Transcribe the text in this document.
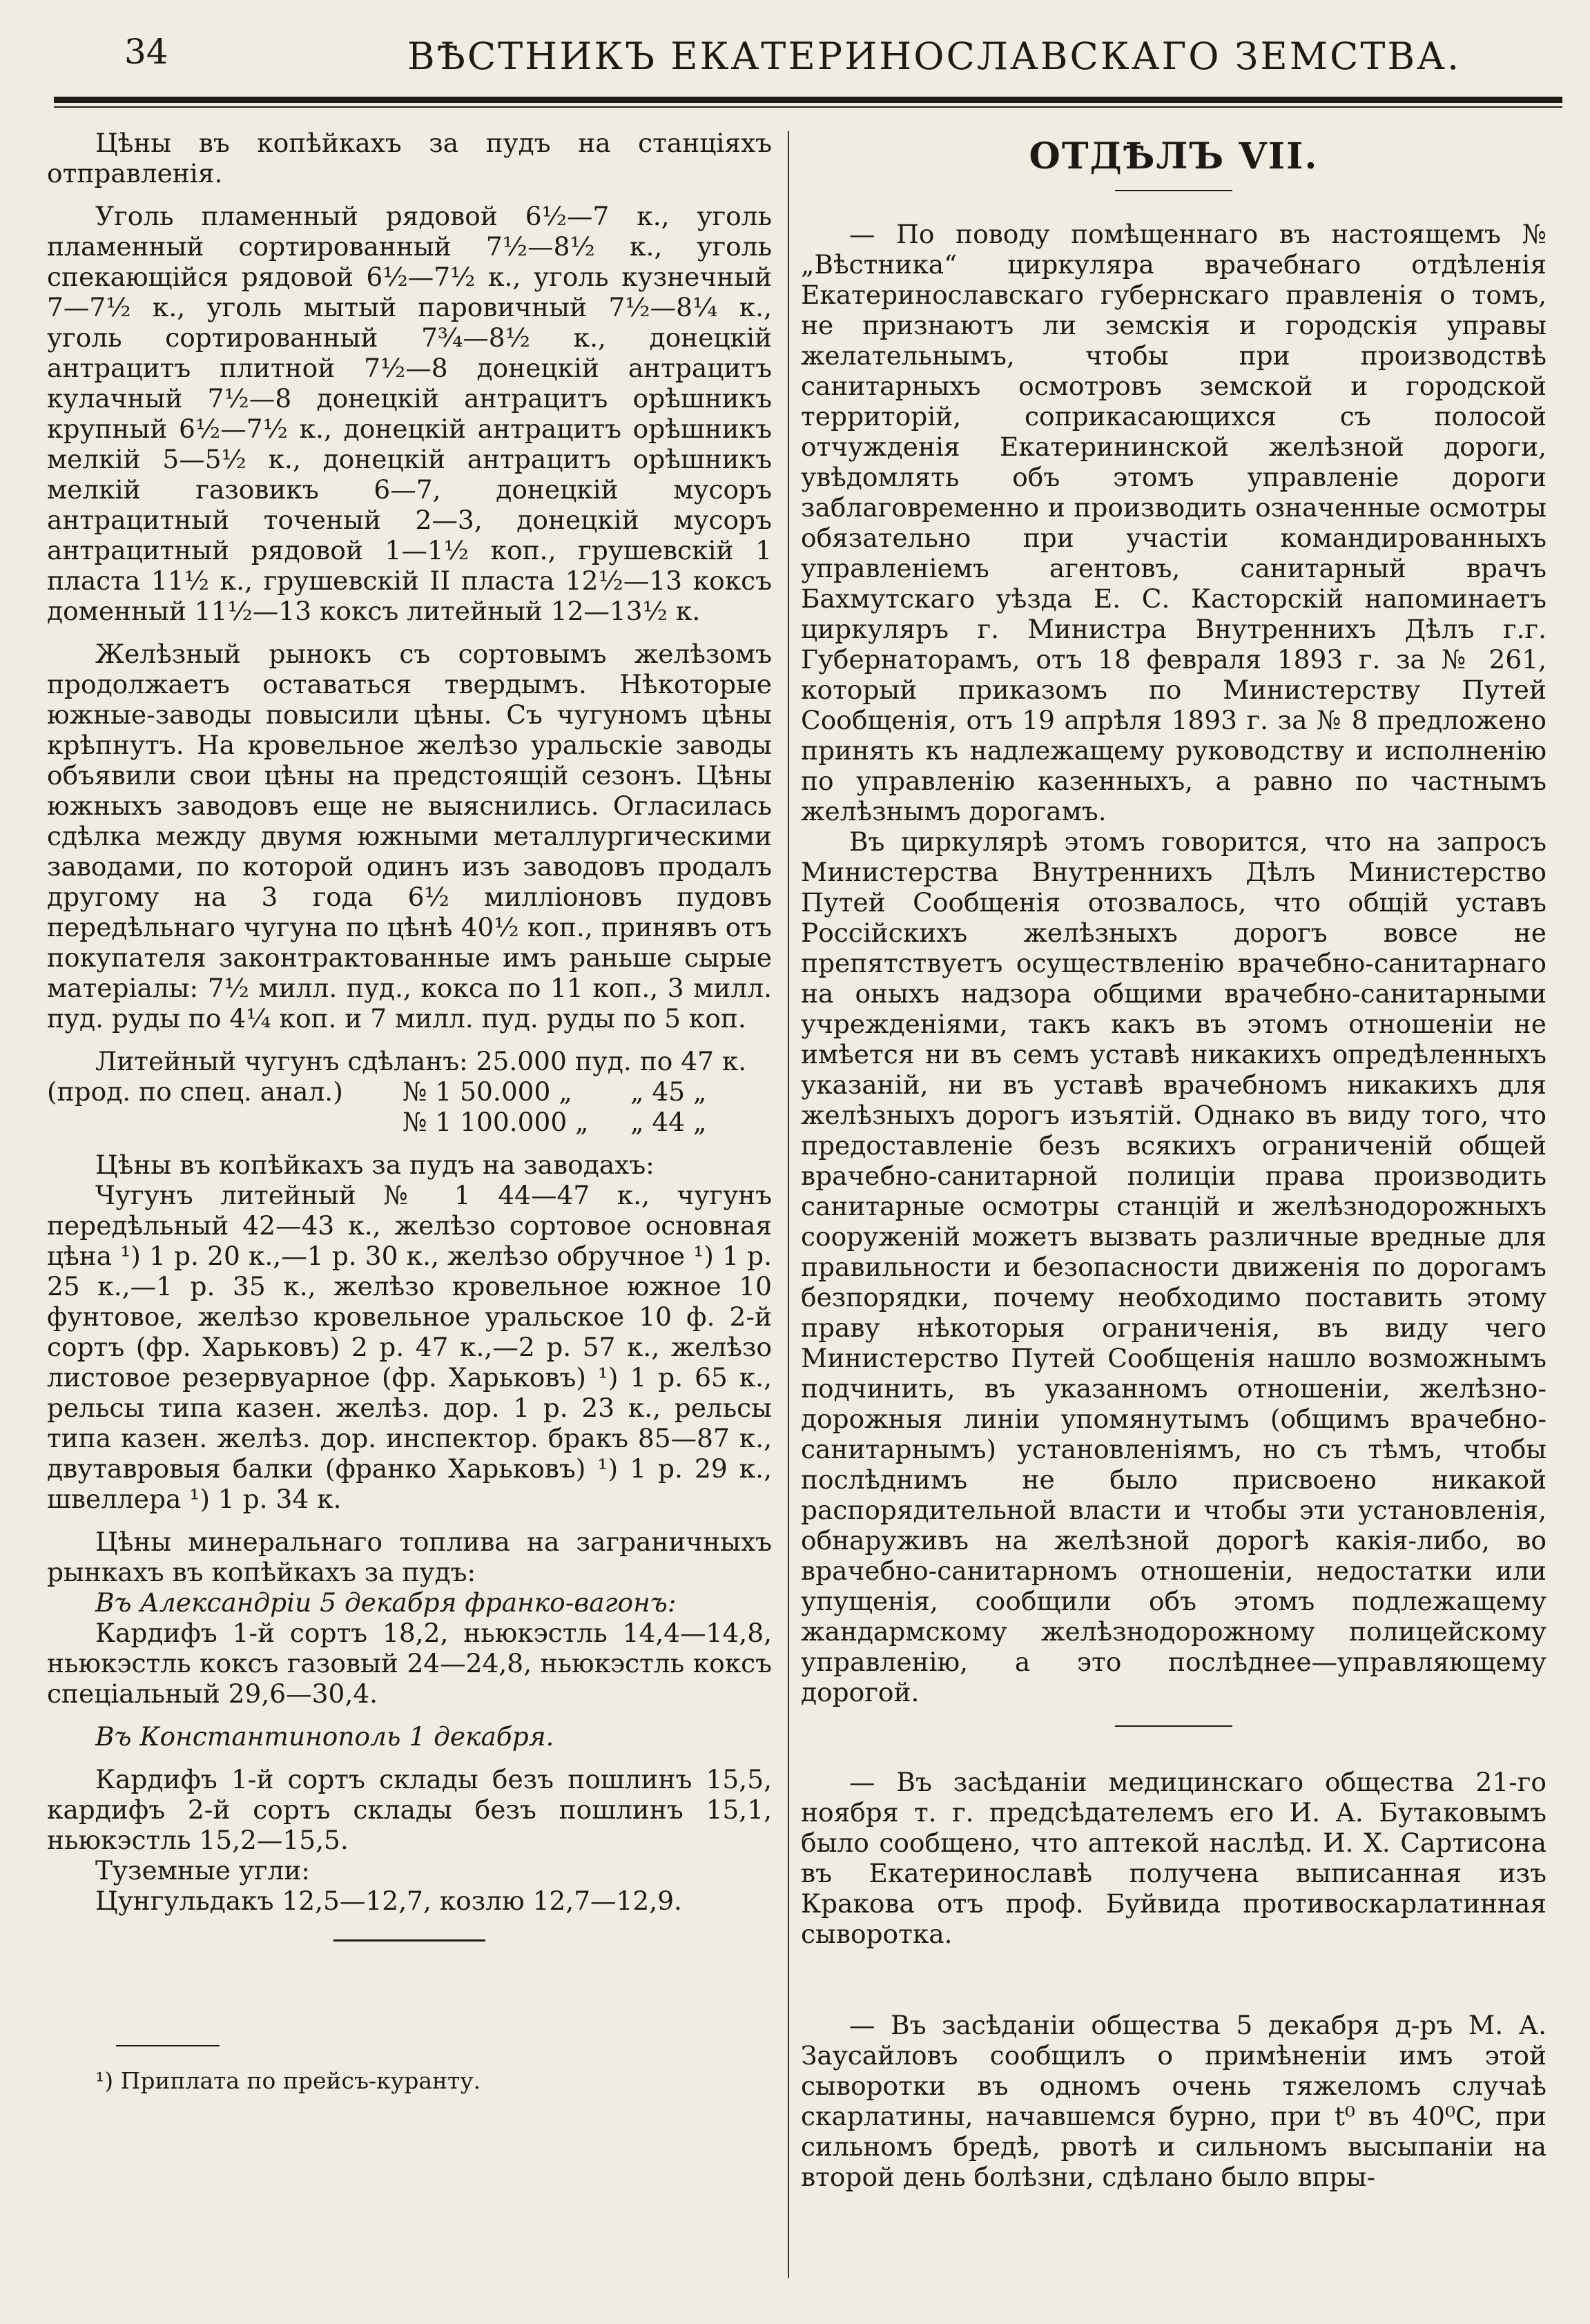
34	ВѢСТНИКЪ ЕКАТЕРИНОСЛАВСКАГО ЗЕМСТВА.

Цѣны въ копѣйкахъ за пудъ на станціяхъ отправленія.

Уголь пламенный рядовой 6½—7 к., уголь пламенный сортированный 7½—8½ к., уголь спекающійся рядовой 6½—7½ к., уголь кузнечный 7—7½ к., уголь мытый паровичный 7½—8¼ к., уголь сортированный 7¾—8½ к., донецкій антрацитъ плитной 7½—8 донецкій антрацитъ кулачный 7½—8 донецкій антрацитъ орѣшникъ крупный 6½—7½ к., донецкій антрацитъ орѣшникъ мелкій 5—5½ к., донецкій антрацитъ орѣшникъ мелкій газовикъ 6—7, донецкій мусоръ антрацитный точеный 2—3, донецкій мусоръ антрацитный рядовой 1—1½ коп., грушевскій 1 пласта 11½ к., грушевскій II пласта 12½—13 коксъ доменный 11½—13 коксъ литейный 12—13½ к.

Желѣзный рынокъ съ сортовымъ желѣзомъ продолжаетъ оставаться твердымъ. Нѣкоторые южные-заводы повысили цѣны. Съ чугуномъ цѣны крѣпнутъ. На кровельное желѣзо уральскіе заводы объявили свои цѣны на предстоящій сезонъ. Цѣны южныхъ заводовъ еще не выяснились. Огласилась сдѣлка между двумя южными металлургическими заводами, по которой одинъ изъ заводовъ продалъ другому на 3 года 6½ милліоновъ пудовъ передѣльнаго чугуна по цѣнѣ 40½ коп., принявъ отъ покупателя законтрактованные имъ раньше сырые матеріалы: 7½ милл. пуд., кокса по 11 коп., 3 милл. пуд. руды по 4¼ коп. и 7 милл. пуд. руды по 5 коп.

Литейный чугунъ сдѣланъ: 25.000 пуд. по 47 к.

(прод. по спец. анал.)	№ 1 50.000 „	„ 45 „
№ 1 100.000 „	„ 44 „

Цѣны въ копѣйкахъ за пудъ на заводахъ:

Чугунъ литейный № 1 44—47 к., чугунъ передѣльный 42—43 к., желѣзо сортовое основная цѣна ¹) 1 р. 20 к.,—1 р. 30 к., желѣзо обручное ¹) 1 р. 25 к.,—1 р. 35 к., желѣзо кровельное южное 10 фунтовое, желѣзо кровельное уральское 10 ф. 2-й сортъ (фр. Харьковъ) 2 р. 47 к.,—2 р. 57 к., желѣзо листовое резервуарное (фр. Харьковъ) ¹) 1 р. 65 к., рельсы типа казен. желѣз. дор. 1 р. 23 к., рельсы типа казен. желѣз. дор. инспектор. бракъ 85—87 к., двутавровыя балки (франко Харьковъ) ¹) 1 р. 29 к., швеллера ¹) 1 р. 34 к.

Цѣны минеральнаго топлива на заграничныхъ рынкахъ въ копѣйкахъ за пудъ:

Въ Александріи 5 декабря франко-вагонъ:

Кардифъ 1-й сортъ 18,2, ньюкэстль 14,4—14,8, ньюкэстль коксъ газовый 24—24,8, ньюкэстль коксъ спеціальный 29,6—30,4.

Въ Константинополь 1 декабря.

Кардифъ 1-й сортъ склады безъ пошлинъ 15,5, кардифъ 2-й сортъ склады безъ пошлинъ 15,1, ньюкэстль 15,2—15,5.

Туземные угли:

Цунгульдакъ 12,5—12,7, козлю 12,7—12,9.

¹) Приплата по прейсъ-куранту.

ОТДѢЛЪ VII.

— По поводу помѣщеннаго въ настоящемъ № „Вѣстника“ циркуляра врачебнаго отдѣленія Екатеринославскаго губернскаго правленія о томъ, не признаютъ ли земскія и городскія управы желательнымъ, чтобы при производствѣ санитарныхъ осмотровъ земской и городской территорій, соприкасающихся съ полосой отчужденія Екатерининской желѣзной дороги, увѣдомлять объ этомъ управленіе дороги заблаговременно и производить означенные осмотры обязательно при участіи командированныхъ управленіемъ агентовъ, санитарный врачъ Бахмутскаго уѣзда Е. С. Касторскій напоминаетъ циркуляръ г. Министра Внутреннихъ Дѣлъ г.г. Губернаторамъ, отъ 18 февраля 1893 г. за № 261, который приказомъ по Министерству Путей Сообщенія, отъ 19 апрѣля 1893 г. за № 8 предложено принять къ надлежащему руководству и исполненію по управленію казенныхъ, а равно по частнымъ желѣзнымъ дорогамъ.

Въ циркулярѣ этомъ говорится, что на запросъ Министерства Внутреннихъ Дѣлъ Министерство Путей Сообщенія отозвалось, что общій уставъ Россійскихъ желѣзныхъ дорогъ вовсе не препятствуетъ осуществленію врачебно-санитарнаго на оныхъ надзора общими врачебно-санитарными учрежденіями, такъ какъ въ этомъ отношеніи не имѣется ни въ семъ уставѣ никакихъ опредѣленныхъ указаній, ни въ уставѣ врачебномъ никакихъ для желѣзныхъ дорогъ изъятій. Однако въ виду того, что предоставленіе безъ всякихъ ограниченій общей врачебно-санитарной полиціи права производить санитарные осмотры станцій и желѣзнодорожныхъ сооруженій можетъ вызвать различные вредные для правильности и безопасности движенія по дорогамъ безпорядки, почему необходимо поставить этому праву нѣкоторыя ограниченія, въ виду чего Министерство Путей Сообщенія нашло возможнымъ подчинить, въ указанномъ отношеніи, желѣзно-дорожныя линіи упомянутымъ (общимъ врачебно-санитарнымъ) установленіямъ, но съ тѣмъ, чтобы послѣднимъ не было присвоено никакой распорядительной власти и чтобы эти установленія, обнаруживъ на желѣзной дорогѣ какія-либо, во врачебно-санитарномъ отношеніи, недостатки или упущенія, сообщили объ этомъ подлежащему жандармскому желѣзнодорожному полицейскому управленію, а это послѣднее—управляющему дорогой.

— Въ засѣданіи медицинскаго общества 21-го ноября т. г. предсѣдателемъ его И. А. Бутаковымъ было сообщено, что аптекой наслѣд. И. Х. Сартисона въ Екатеринославѣ получена выписанная изъ Кракова отъ проф. Буйвида противоскарлатинная сыворотка.

— Въ засѣданіи общества 5 декабря д-ръ М. А. Заусайловъ сообщилъ о примѣненіи имъ этой сыворотки въ одномъ очень тяжеломъ случаѣ скарлатины, начавшемся бурно, при t⁰ въ 40⁰C, при сильномъ бредѣ, рвотѣ и сильномъ высыпаніи на второй день болѣзни, сдѣлано было впры-
